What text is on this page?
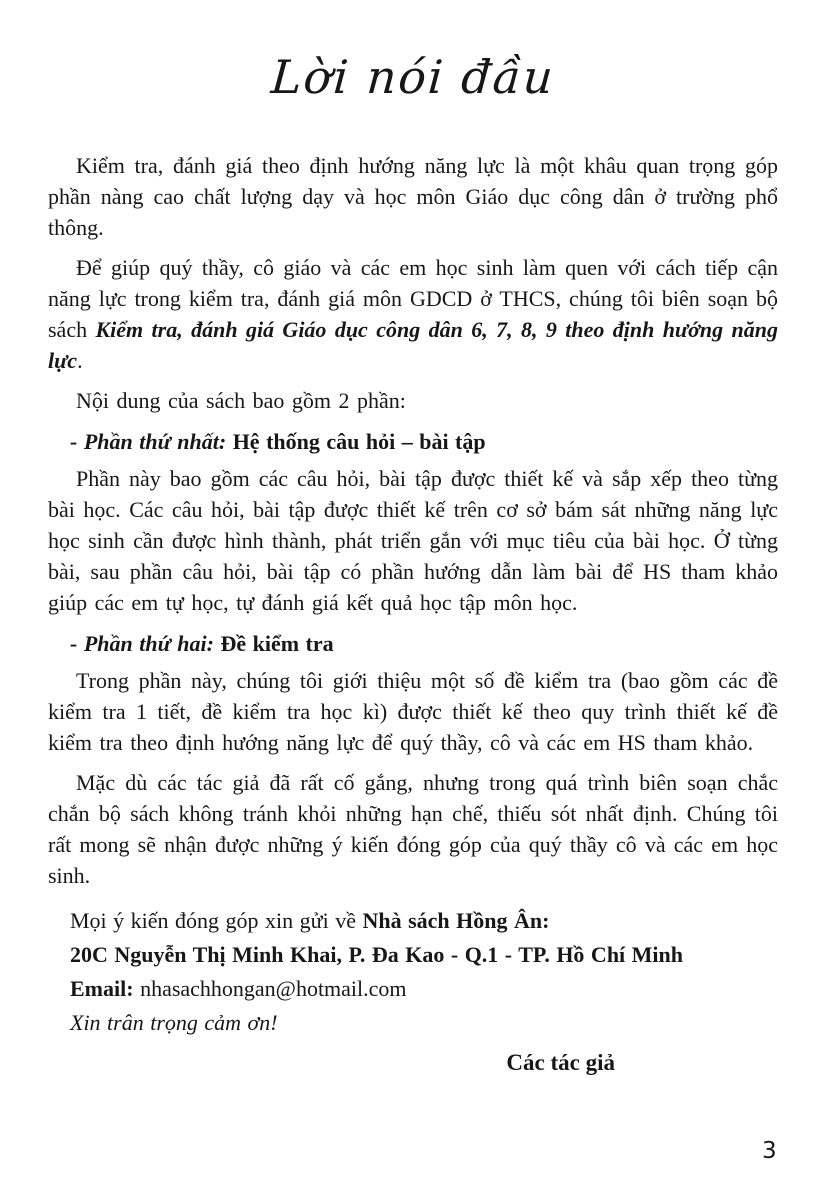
Lời nói đầu

Kiểm tra, đánh giá theo định hướng năng lực là một khâu quan trọng góp phần nàng cao chất lượng dạy và học môn Giáo dục công dân ở trường phổ thông.

Để giúp quý thầy, cô giáo và các em học sinh làm quen với cách tiếp cận năng lực trong kiểm tra, đánh giá môn GDCD ở THCS, chúng tôi biên soạn bộ sách Kiểm tra, đánh giá Giáo dục công dân 6, 7, 8, 9 theo định hướng năng lực.

Nội dung của sách bao gồm 2 phần:

- Phần thứ nhất: Hệ thống câu hỏi – bài tập

Phần này bao gồm các câu hỏi, bài tập được thiết kế và sắp xếp theo từng bài học. Các câu hỏi, bài tập được thiết kế trên cơ sở bám sát những năng lực học sinh cần được hình thành, phát triển gắn với mục tiêu của bài học. Ở từng bài, sau phần câu hỏi, bài tập có phần hướng dẫn làm bài để HS tham khảo giúp các em tự học, tự đánh giá kết quả học tập môn học.

- Phần thứ hai: Đề kiểm tra

Trong phần này, chúng tôi giới thiệu một số đề kiểm tra (bao gồm các đề kiểm tra 1 tiết, đề kiểm tra học kì) được thiết kế theo quy trình thiết kế đề kiểm tra theo định hướng năng lực để quý thầy, cô và các em HS tham khảo.

Mặc dù các tác giả đã rất cố gắng, nhưng trong quá trình biên soạn chắc chắn bộ sách không tránh khỏi những hạn chế, thiếu sót nhất định. Chúng tôi rất mong sẽ nhận được những ý kiến đóng góp của quý thầy cô và các em học sinh.

Mọi ý kiến đóng góp xin gửi về Nhà sách Hồng Ân:

20C Nguyễn Thị Minh Khai, P. Đa Kao - Q.1 - TP. Hồ Chí Minh

Email: nhasachhongan@hotmail.com

Xin trân trọng cảm ơn!

Các tác giả

3
